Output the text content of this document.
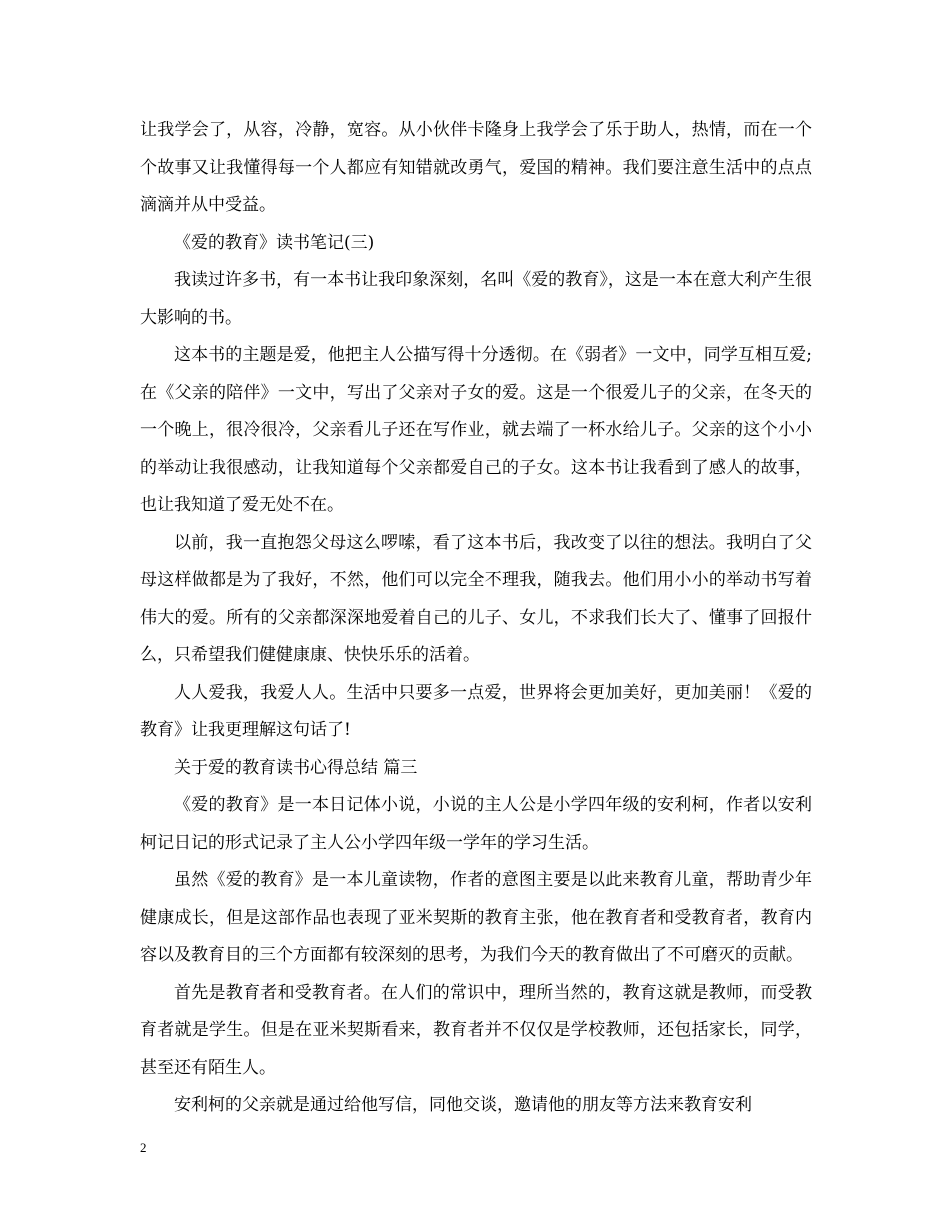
让我学会了，从容，冷静，宽容。从小伙伴卡隆身上我学会了乐于助人，热情，而在一个个故事又让我懂得每一个人都应有知错就改勇气，爱国的精神。我们要注意生活中的点点滴滴并从中受益。

《爱的教育》读书笔记(三)

我读过许多书，有一本书让我印象深刻，名叫《爱的教育》，这是一本在意大利产生很大影响的书。

这本书的主题是爱，他把主人公描写得十分透彻。在《弱者》一文中，同学互相互爱;在《父亲的陪伴》一文中，写出了父亲对子女的爱。这是一个很爱儿子的父亲，在冬天的一个晚上，很冷很冷，父亲看儿子还在写作业，就去端了一杯水给儿子。父亲的这个小小的举动让我很感动，让我知道每个父亲都爱自己的子女。这本书让我看到了感人的故事，也让我知道了爱无处不在。

以前，我一直抱怨父母这么啰嗦，看了这本书后，我改变了以往的想法。我明白了父母这样做都是为了我好，不然，他们可以完全不理我，随我去。他们用小小的举动书写着伟大的爱。所有的父亲都深深地爱着自己的儿子、女儿，不求我们长大了、懂事了回报什么，只希望我们健健康康、快快乐乐的活着。

人人爱我，我爱人人。生活中只要多一点爱，世界将会更加美好，更加美丽！《爱的教育》让我更理解这句话了!

关于爱的教育读书心得总结 篇三

《爱的教育》是一本日记体小说，小说的主人公是小学四年级的安利柯，作者以安利柯记日记的形式记录了主人公小学四年级一学年的学习生活。

虽然《爱的教育》是一本儿童读物，作者的意图主要是以此来教育儿童，帮助青少年健康成长，但是这部作品也表现了亚米契斯的教育主张，他在教育者和受教育者，教育内容以及教育目的三个方面都有较深刻的思考，为我们今天的教育做出了不可磨灭的贡献。

首先是教育者和受教育者。在人们的常识中，理所当然的，教育这就是教师，而受教育者就是学生。但是在亚米契斯看来，教育者并不仅仅是学校教师，还包括家长，同学，甚至还有陌生人。

安利柯的父亲就是通过给他写信，同他交谈，邀请他的朋友等方法来教育安利

2
